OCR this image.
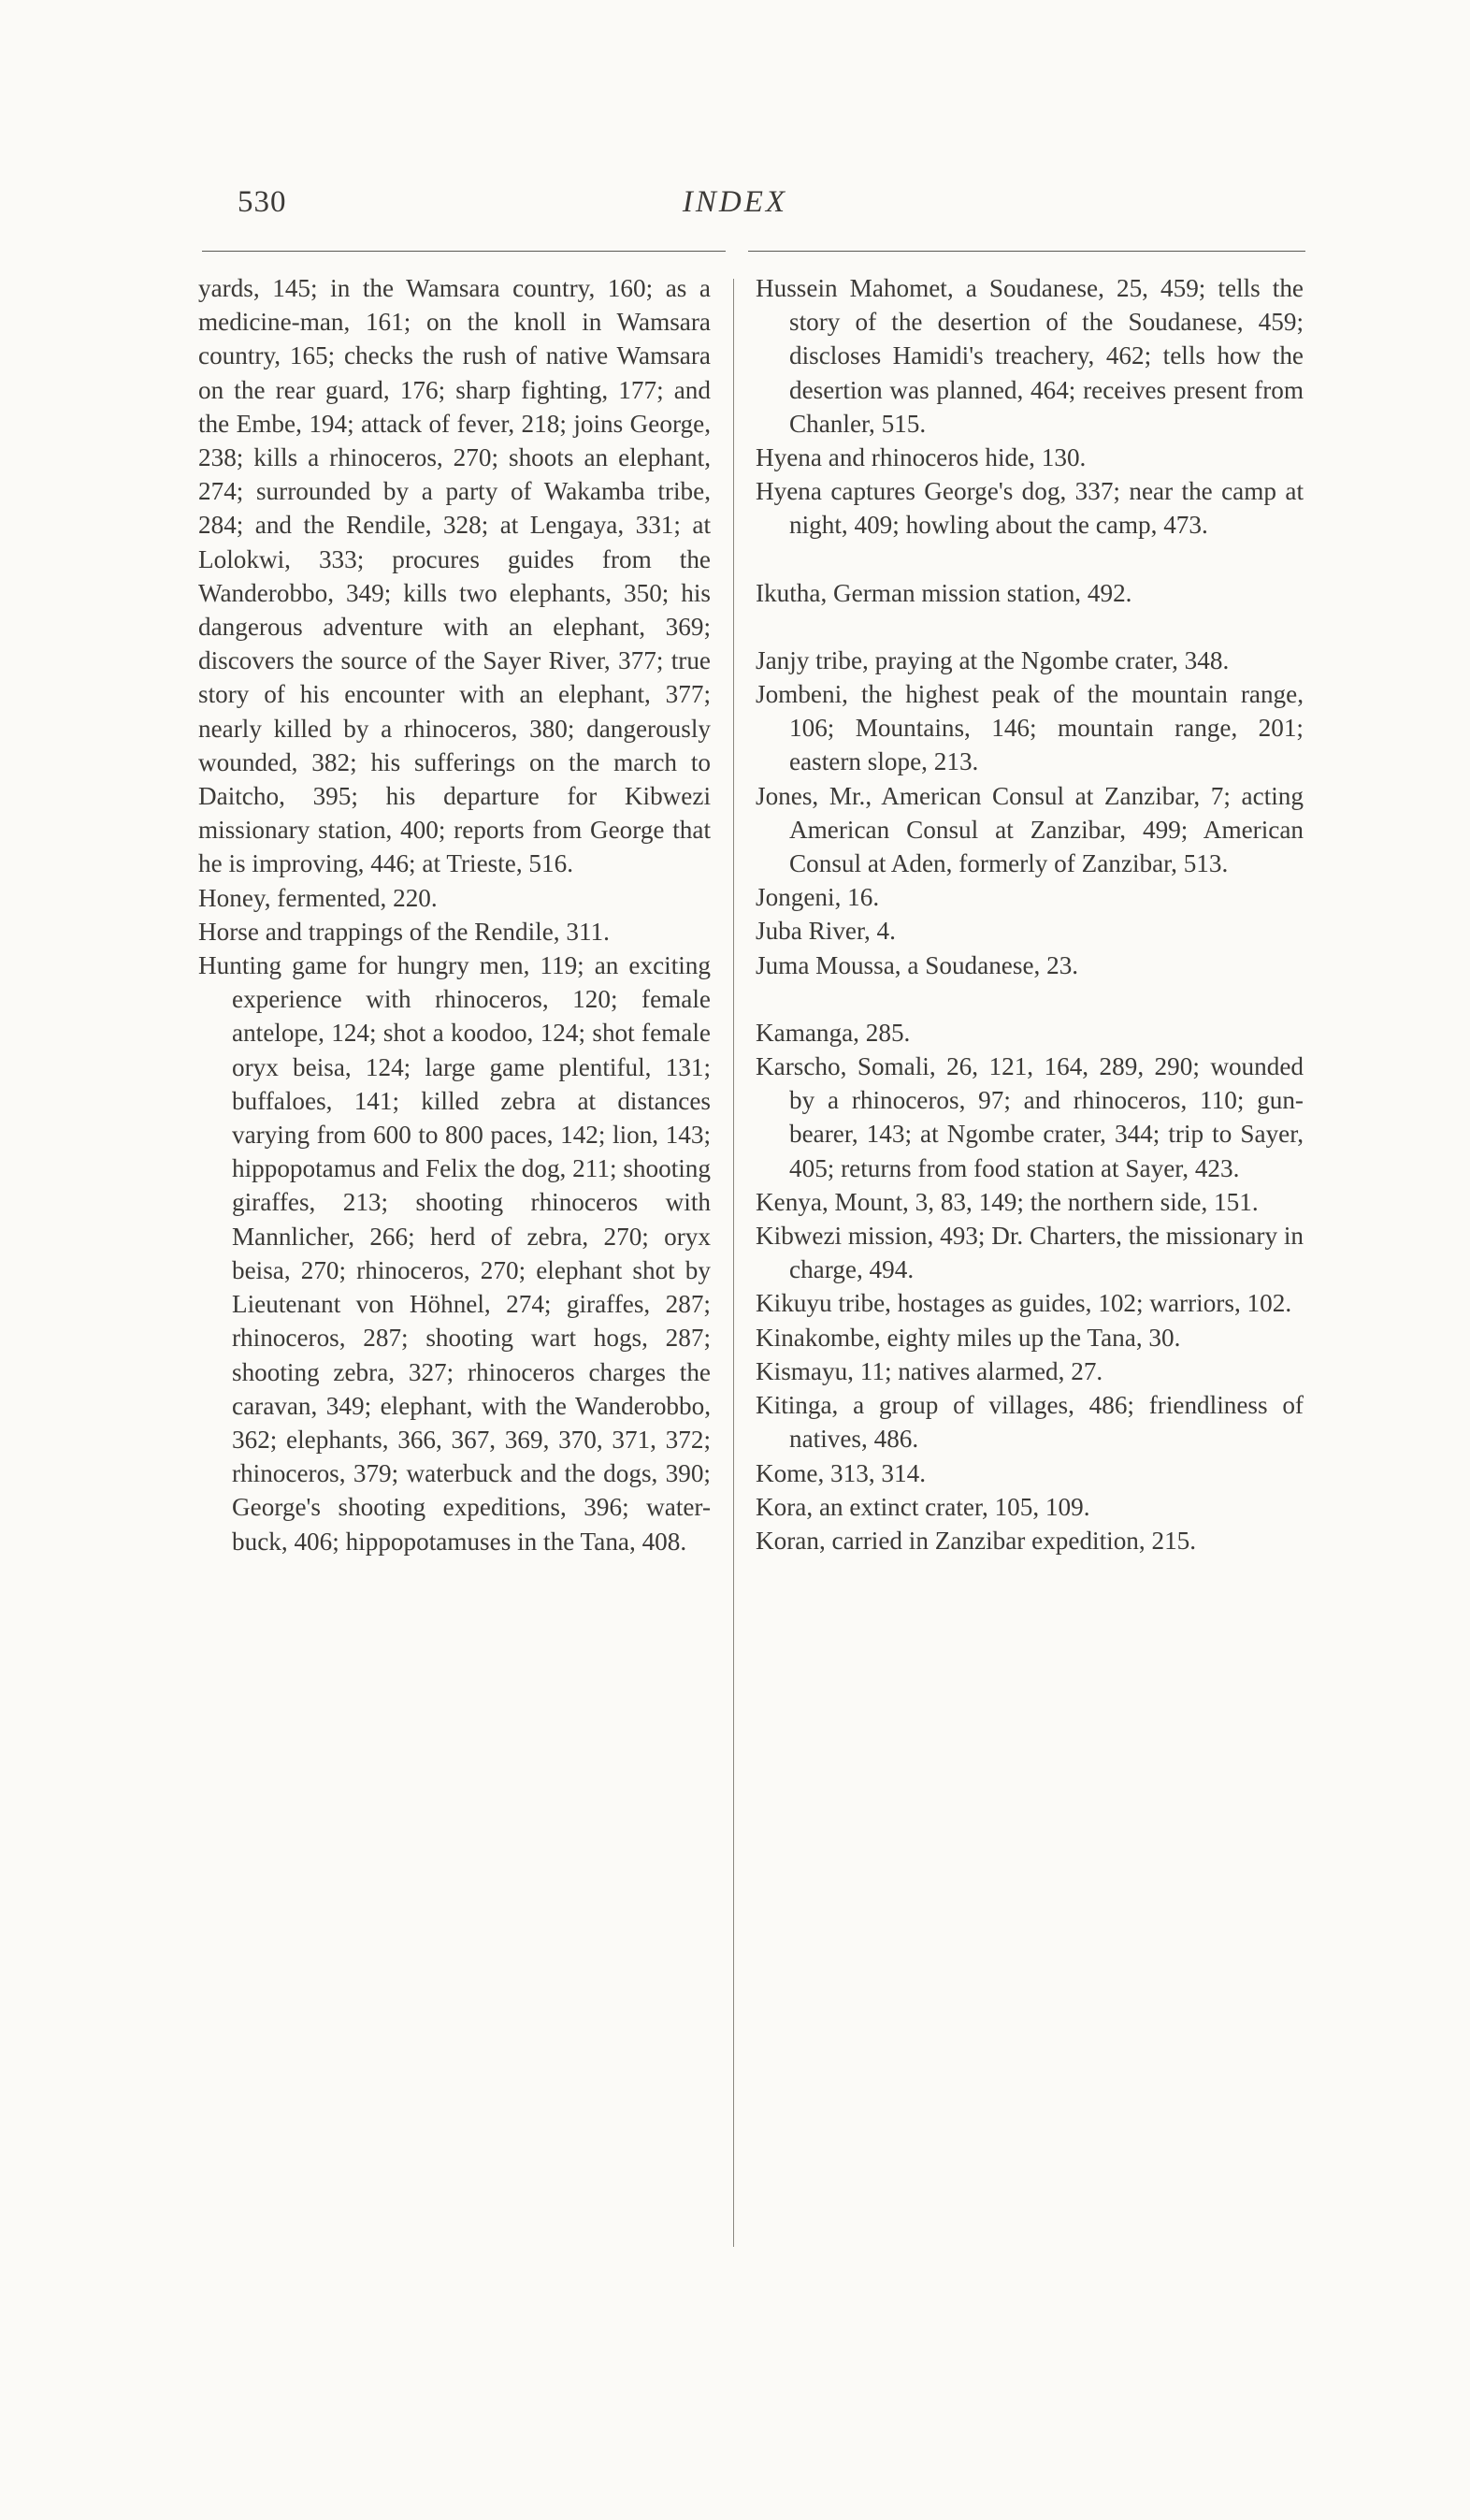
530	INDEX

yards, 145; in the Wamsara country, 160; as a medicine-man, 161; on the knoll in Wamsara country, 165; checks the rush of native Wamsara on the rear guard, 176; sharp fighting, 177; and the Embe, 194; attack of fever, 218; joins George, 238; kills a rhinoceros, 270; shoots an elephant, 274; surrounded by a party of Wakamba tribe, 284; and the Rendile, 328; at Lengaya, 331; at Lolokwi, 333; procures guides from the Wanderobbo, 349; kills two elephants, 350; his dangerous adventure with an elephant, 369; discovers the source of the Sayer River, 377; true story of his encounter with an elephant, 377; nearly killed by a rhinoceros, 380; dangerously wounded, 382; his sufferings on the march to Daitcho, 395; his departure for Kibwezi missionary station, 400; reports from George that he is improving, 446; at Trieste, 516.

Honey, fermented, 220.

Horse and trappings of the Rendile, 311.

Hunting game for hungry men, 119; an exciting experience with rhinoceros, 120; female antelope, 124; shot a koodoo, 124; shot female oryx beisa, 124; large game plentiful, 131; buffaloes, 141; killed zebra at distances varying from 600 to 800 paces, 142; lion, 143; hippopotamus and Felix the dog, 211; shooting giraffes, 213; shooting rhinoceros with Mannlicher, 266; herd of zebra, 270; oryx beisa, 270; rhinoceros, 270; elephant shot by Lieutenant von Höhnel, 274; giraffes, 287; rhinoceros, 287; shooting wart hogs, 287; shooting zebra, 327; rhinoceros charges the caravan, 349; elephant, with the Wanderobbo, 362; elephants, 366, 367, 369, 370, 371, 372; rhinoceros, 379; waterbuck and the dogs, 390; George's shooting expeditions, 396; water-buck, 406; hippopotamuses in the Tana, 408.

Hussein Mahomet, a Soudanese, 25, 459; tells the story of the desertion of the Soudanese, 459; discloses Hamidi's treachery, 462; tells how the desertion was planned, 464; receives present from Chanler, 515.

Hyena and rhinoceros hide, 130.

Hyena captures George's dog, 337; near the camp at night, 409; howling about the camp, 473.

Ikutha, German mission station, 492.

Janjy tribe, praying at the Ngombe crater, 348.

Jombeni, the highest peak of the mountain range, 106; Mountains, 146; mountain range, 201; eastern slope, 213.

Jones, Mr., American Consul at Zanzibar, 7; acting American Consul at Zanzibar, 499; American Consul at Aden, formerly of Zanzibar, 513.

Jongeni, 16.

Juba River, 4.

Juma Moussa, a Soudanese, 23.

Kamanga, 285.

Karscho, Somali, 26, 121, 164, 289, 290; wounded by a rhinoceros, 97; and rhinoceros, 110; gun-bearer, 143; at Ngombe crater, 344; trip to Sayer, 405; returns from food station at Sayer, 423.

Kenya, Mount, 3, 83, 149; the northern side, 151.

Kibwezi mission, 493; Dr. Charters, the missionary in charge, 494.

Kikuyu tribe, hostages as guides, 102; warriors, 102.

Kinakombe, eighty miles up the Tana, 30.

Kismayu, 11; natives alarmed, 27.

Kitinga, a group of villages, 486; friendliness of natives, 486.

Kome, 313, 314.

Kora, an extinct crater, 105, 109.

Koran, carried in Zanzibar expedition, 215.
